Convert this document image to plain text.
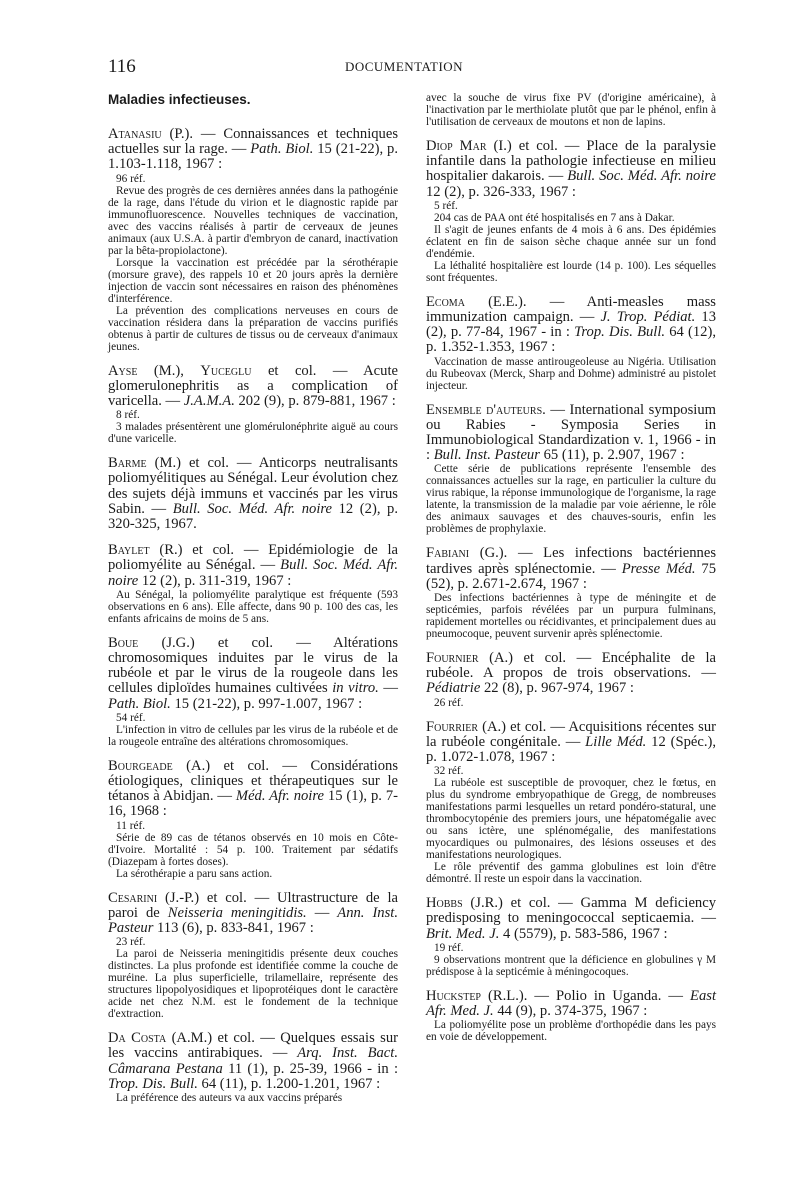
116	DOCUMENTATION
Maladies infectieuses.
Atanasiu (P.). — Connaissances et techniques actuelles sur la rage. — Path. Biol. 15 (21-22), p. 1.103-1.118, 1967 :
96 réf.

Revue des progrès de ces dernières années dans la pathogénie de la rage, dans l'étude du virion et le diagnostic rapide par immunofluorescence. Nouvelles techniques de vaccination, avec des vaccins réalisés à partir de cerveaux de jeunes animaux (aux U.S.A. à partir d'embryon de canard, inactivation par la bêta-propiolactone).

Lorsque la vaccination est précédée par la sérothérapie (morsure grave), des rappels 10 et 20 jours après la dernière injection de vaccin sont nécessaires en raison des phénomènes d'interférence.

La prévention des complications nerveuses en cours de vaccination résidera dans la préparation de vaccins purifiés obtenus à partir de cultures de tissus ou de cerveaux d'animaux jeunes.

Ayse (M.), Yuceglu et col. — Acute glomerulonephritis as a complication of varicella. — J.A.M.A. 202 (9), p. 879-881, 1967 :
8 réf.

3 malades présentèrent une glomérulonéphrite aiguë au cours d'une varicelle.

Barme (M.) et col. — Anticorps neutralisants poliomyélitiques au Sénégal. Leur évolution chez des sujets déjà immuns et vaccinés par les virus Sabin. — Bull. Soc. Méd. Afr. noire 12 (2), p. 320-325, 1967.
Baylet (R.) et col. — Epidémiologie de la poliomyélite au Sénégal. — Bull. Soc. Méd. Afr. noire 12 (2), p. 311-319, 1967 :

Au Sénégal, la poliomyélite paralytique est fréquente (593 observations en 6 ans). Elle affecte, dans 90 p. 100 des cas, les enfants africains de moins de 5 ans.

Boue (J.G.) et col. — Altérations chromosomiques induites par le virus de la rubéole et par le virus de la rougeole dans les cellules diploïdes humaines cultivées in vitro. — Path. Biol. 15 (21-22), p. 997-1.007, 1967 :
54 réf.

L'infection in vitro de cellules par les virus de la rubéole et de la rougeole entraîne des altérations chromosomiques.

Bourgeade (A.) et col. — Considérations étiologiques, cliniques et thérapeutiques sur le tétanos à Abidjan. — Méd. Afr. noire 15 (1), p. 7-16, 1968 :
11 réf.

Série de 89 cas de tétanos observés en 10 mois en Côte-d'Ivoire. Mortalité : 54 p. 100. Traitement par sédatifs (Diazepam à fortes doses).

La sérothérapie a paru sans action.

Cesarini (J.-P.) et col. — Ultrastructure de la paroi de Neisseria meningitidis. — Ann. Inst. Pasteur 113 (6), p. 833-841, 1967 :
23 réf.

La paroi de Neisseria meningitidis présente deux couches distinctes. La plus profonde est identifiée comme la couche de muréine. La plus superficielle, trilamellaire, représente des structures lipopolyosidiques et lipoprotéiques dont le caractère acide net chez N.M. est le fondement de la technique d'extraction.

Da Costa (A.M.) et col. — Quelques essais sur les vaccins antirabiques. — Arq. Inst. Bact. Câmarana Pestana 11 (1), p. 25-39, 1966 - in : Trop. Dis. Bull. 64 (11), p. 1.200-1.201, 1967 :

La préférence des auteurs va aux vaccins préparés

avec la souche de virus fixe PV (d'origine américaine), à l'inactivation par le merthiolate plutôt que par le phénol, enfin à l'utilisation de cerveaux de moutons et non de lapins.
Diop Mar (I.) et col. — Place de la paralysie infantile dans la pathologie infectieuse en milieu hospitalier dakarois. — Bull. Soc. Méd. Afr. noire 12 (2), p. 326-333, 1967 :
5 réf.

204 cas de PAA ont été hospitalisés en 7 ans à Dakar.

Il s'agit de jeunes enfants de 4 mois à 6 ans. Des épidémies éclatent en fin de saison sèche chaque année sur un fond d'endémie.

La léthalité hospitalière est lourde (14 p. 100). Les séquelles sont fréquentes.

Ecoma (E.E.). — Anti-measles mass immunization campaign. — J. Trop. Pédiat. 13 (2), p. 77-84, 1967 - in : Trop. Dis. Bull. 64 (12), p. 1.352-1.353, 1967 :

Vaccination de masse antirougeoleuse au Nigéria. Utilisation du Rubeovax (Merck, Sharp and Dohme) administré au pistolet injecteur.

Ensemble d'auteurs. — International symposium ou Rabies - Symposia Series in Immunobiological Standardization v. 1, 1966 - in : Bull. Inst. Pasteur 65 (11), p. 2.907, 1967 :

Cette série de publications représente l'ensemble des connaissances actuelles sur la rage, en particulier la culture du virus rabique, la réponse immunologique de l'organisme, la rage latente, la transmission de la maladie par voie aérienne, le rôle des animaux sauvages et des chauves-souris, enfin les problèmes de prophylaxie.

Fabiani (G.). — Les infections bactériennes tardives après splénectomie. — Presse Méd. 75 (52), p. 2.671-2.674, 1967 :

Des infections bactériennes à type de méningite et de septicémies, parfois révélées par un purpura fulminans, rapidement mortelles ou récidivantes, et principalement dues au pneumocoque, peuvent survenir après splénectomie.

Fournier (A.) et col. — Encéphalite de la rubéole. A propos de trois observations. — Pédiatrie 22 (8), p. 967-974, 1967 :
26 réf.
Fourrier (A.) et col. — Acquisitions récentes sur la rubéole congénitale. — Lille Méd. 12 (Spéc.), p. 1.072-1.078, 1967 :
32 réf.

La rubéole est susceptible de provoquer, chez le fœtus, en plus du syndrome embryopathique de Gregg, de nombreuses manifestations parmi lesquelles un retard pondéro-statural, une thrombocytopénie des premiers jours, une hépatomégalie avec ou sans ictère, une splénomégalie, des manifestations myocardiques ou pulmonaires, des lésions osseuses et des manifestations neurologiques.

Le rôle préventif des gamma globulines est loin d'être démontré. Il reste un espoir dans la vaccination.

Hobbs (J.R.) et col. — Gamma M deficiency predisposing to meningococcal septicaemia. — Brit. Med. J. 4 (5579), p. 583-586, 1967 :
19 réf.

9 observations montrent que la déficience en globulines γ M prédispose à la septicémie à méningocoques.

Huckstep (R.L.). — Polio in Uganda. — East Afr. Med. J. 44 (9), p. 374-375, 1967 :

La poliomyélite pose un problème d'orthopédie dans les pays en voie de développement.
